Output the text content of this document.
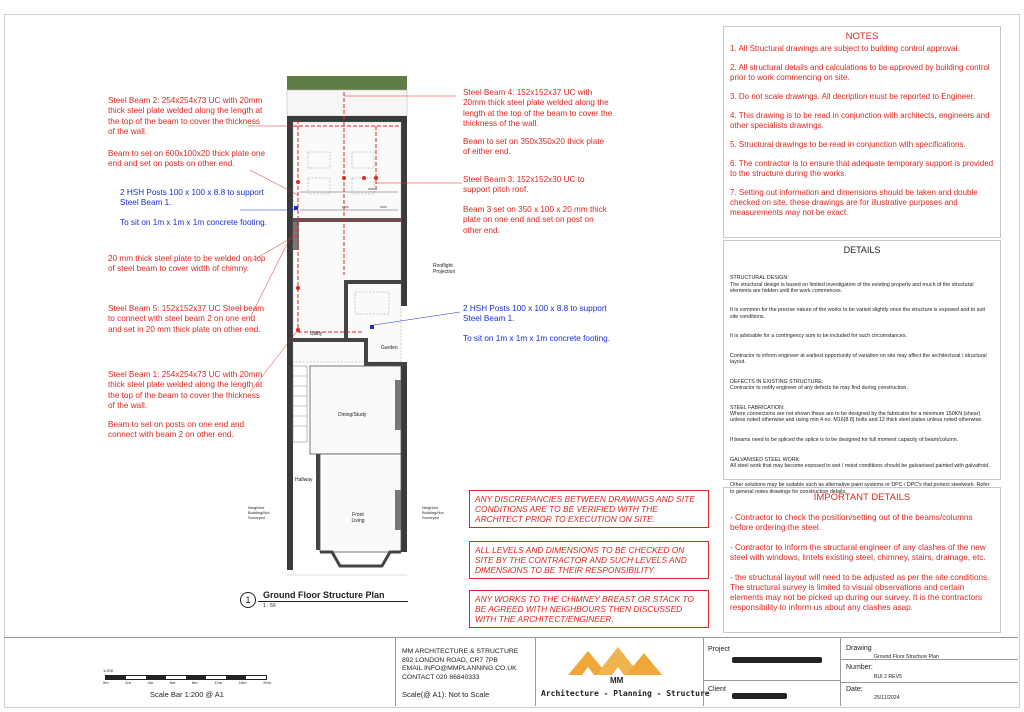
Steel Beam 2: 254x254x73 UC with 20mm thick steel plate welded along the length at the top of the beam to cover the thickness of the wall.
Beam to set on 600x100x20 thick plate one end and set on posts on other end.
2 HSH Posts 100 x 100 x 8.8 to support Steel Beam 1.
To sit on 1m x 1m x 1m concrete footing.
20 mm thick steel plate to be welded on top of steel beam to cover width of chimny.
Steel Beam 5: 152x152x37 UC Steel beam to connect with steel beam 2 on one end and set in 20 mm thick plate on other end.
Steel Beam 1: 254x254x73 UC with 20mm thick steel plate welded along the length at the top of the beam to cover the thickness of the wall.
Beam to set on posts on one end and connect with beam 2 on other end.
Steel Beam 4: 152x152x37 UC with 20mm thick steel plate welded along the length at the top of the beam to cover the thickness of the wall.
Beam to set on 350x350x20 thick plate of either end.
Steel Beam 3: 152x152x30 UC to support pitch roof.
Beam 3 set on 350 x 100 x 20 mm thick plate on one end and set on post on other end.
2 HSH Posts 100 x 100 x 8.8 to support Steel Beam 1.
To sit on 1m x 1m x 1m concrete footing.
3360
1600	3200
Rooflight Projection
Utility
Garden
Dining/Study
Hallway
Front Living
Neighbor Building/Not Surveyed
Neighbor Building/Not Surveyed
1	Ground Floor Structure Plan
1 : 50
ANY DISCREPANCIES BETWEEN DRAWINGS AND SITE CONDITIONS ARE TO BE VERIFIED WITH THE ARCHITECT PRIOR TO EXECUTION ON SITE.
ALL LEVELS AND DIMENSIONS TO BE CHECKED ON SITE BY THE CONTRACTOR AND SUCH LEVELS AND DIMENSIONS TO BE THEIR RESPONSIBILITY.
ANY WORKS TO THE CHIMNEY BREAST OR STACK TO BE AGREED WITH NEIGHBOURS THEN DISCUSSED WITH THE ARCHITECT/ENGINEER.
NOTES

1. All Structural drawings are subject to building control approval.

2. All structural details and calculations to be approved by building control prior to work commencing on site.

3. Do not scale drawings. All decription must be reported to Engineer.

4. This drawing is to be read in conjunction with architects, engineers and other specialists drawings.

5. Structural drawings to be read in conjunction with specifications.

6. The contractor is to ensure that adequate temporary support is provided to the structure during the works.

7. Setting out information and dimensions should be taken and double checked on site, these drawings are for illustrative purposes and measurements may not be exact.

DETAILS

STRUCTURAL DESIGN:
The structural design is based on limited investigation of the existing property and much of the structural elements are hidden until the work commences.

It is common for the precise nature of the works to be varied slightly once the structure is exposed and to suit site conditions.

It is advisable for a contingency sum to be included for such circumstances.

Contractor to inform engineer at earliest opportunity of variation on site may affect the architectural / structural layout.

DEFECTS IN EXISTING STRUCTURE:
Contractor to notify engineer of any defects he may find during construction.

STEEL FABRICATION:
Where connections are not shown these are to be designed by the fabricator for a minimum 150KN (shear) unless noted otherwise and using min 4 no. M16(8.8) bolts and 12 thick steel plates unless noted otherwise.

If beams need to be spliced the splice is to be designed for full moment capacity of beam/column.

GALVANISED STEEL WORK:
All steel work that may become exposed to wet / moist conditions should be galvanised painted with galvafroid.

Other solutions may be suitable such as alternative paint systems or DPC / DPC's that protect steelwork. Refer to general notes drawings for construction details.

IMPORTANT DETAILS

- Contractor to check the position/setting out of the beams/columns before ordering the steel.

- Contractor to inform the structural engineer of any clashes of the new steel with windows, lintels existing steel, chimney, stairs, drainage, etc.

- the structural layout will need to be adjusted as per the site conditions. The structural survey is limited to visual observations and certain elements may not be picked up during our survey. It is the contractors responsibility to inform us about any clashes asap.

1:200
0m	2m	4m	6m	8m	12m	16m	20m
Scale Bar 1:200 @ A1
MM ARCHITECTURE & STRUCTURE
892 LONDON ROAD, CR7 7PB
EMAIL INFO@MMPLANNING.CO.UK
CONTACT 020 86840333
Scale(@ A1): Not to Scale
MM
Architecture - Planning - Structure
Project
Client
Drawing
Ground Floor Structure Plan
Number:
BUI 2 REV5
Date:
25/11/2024
